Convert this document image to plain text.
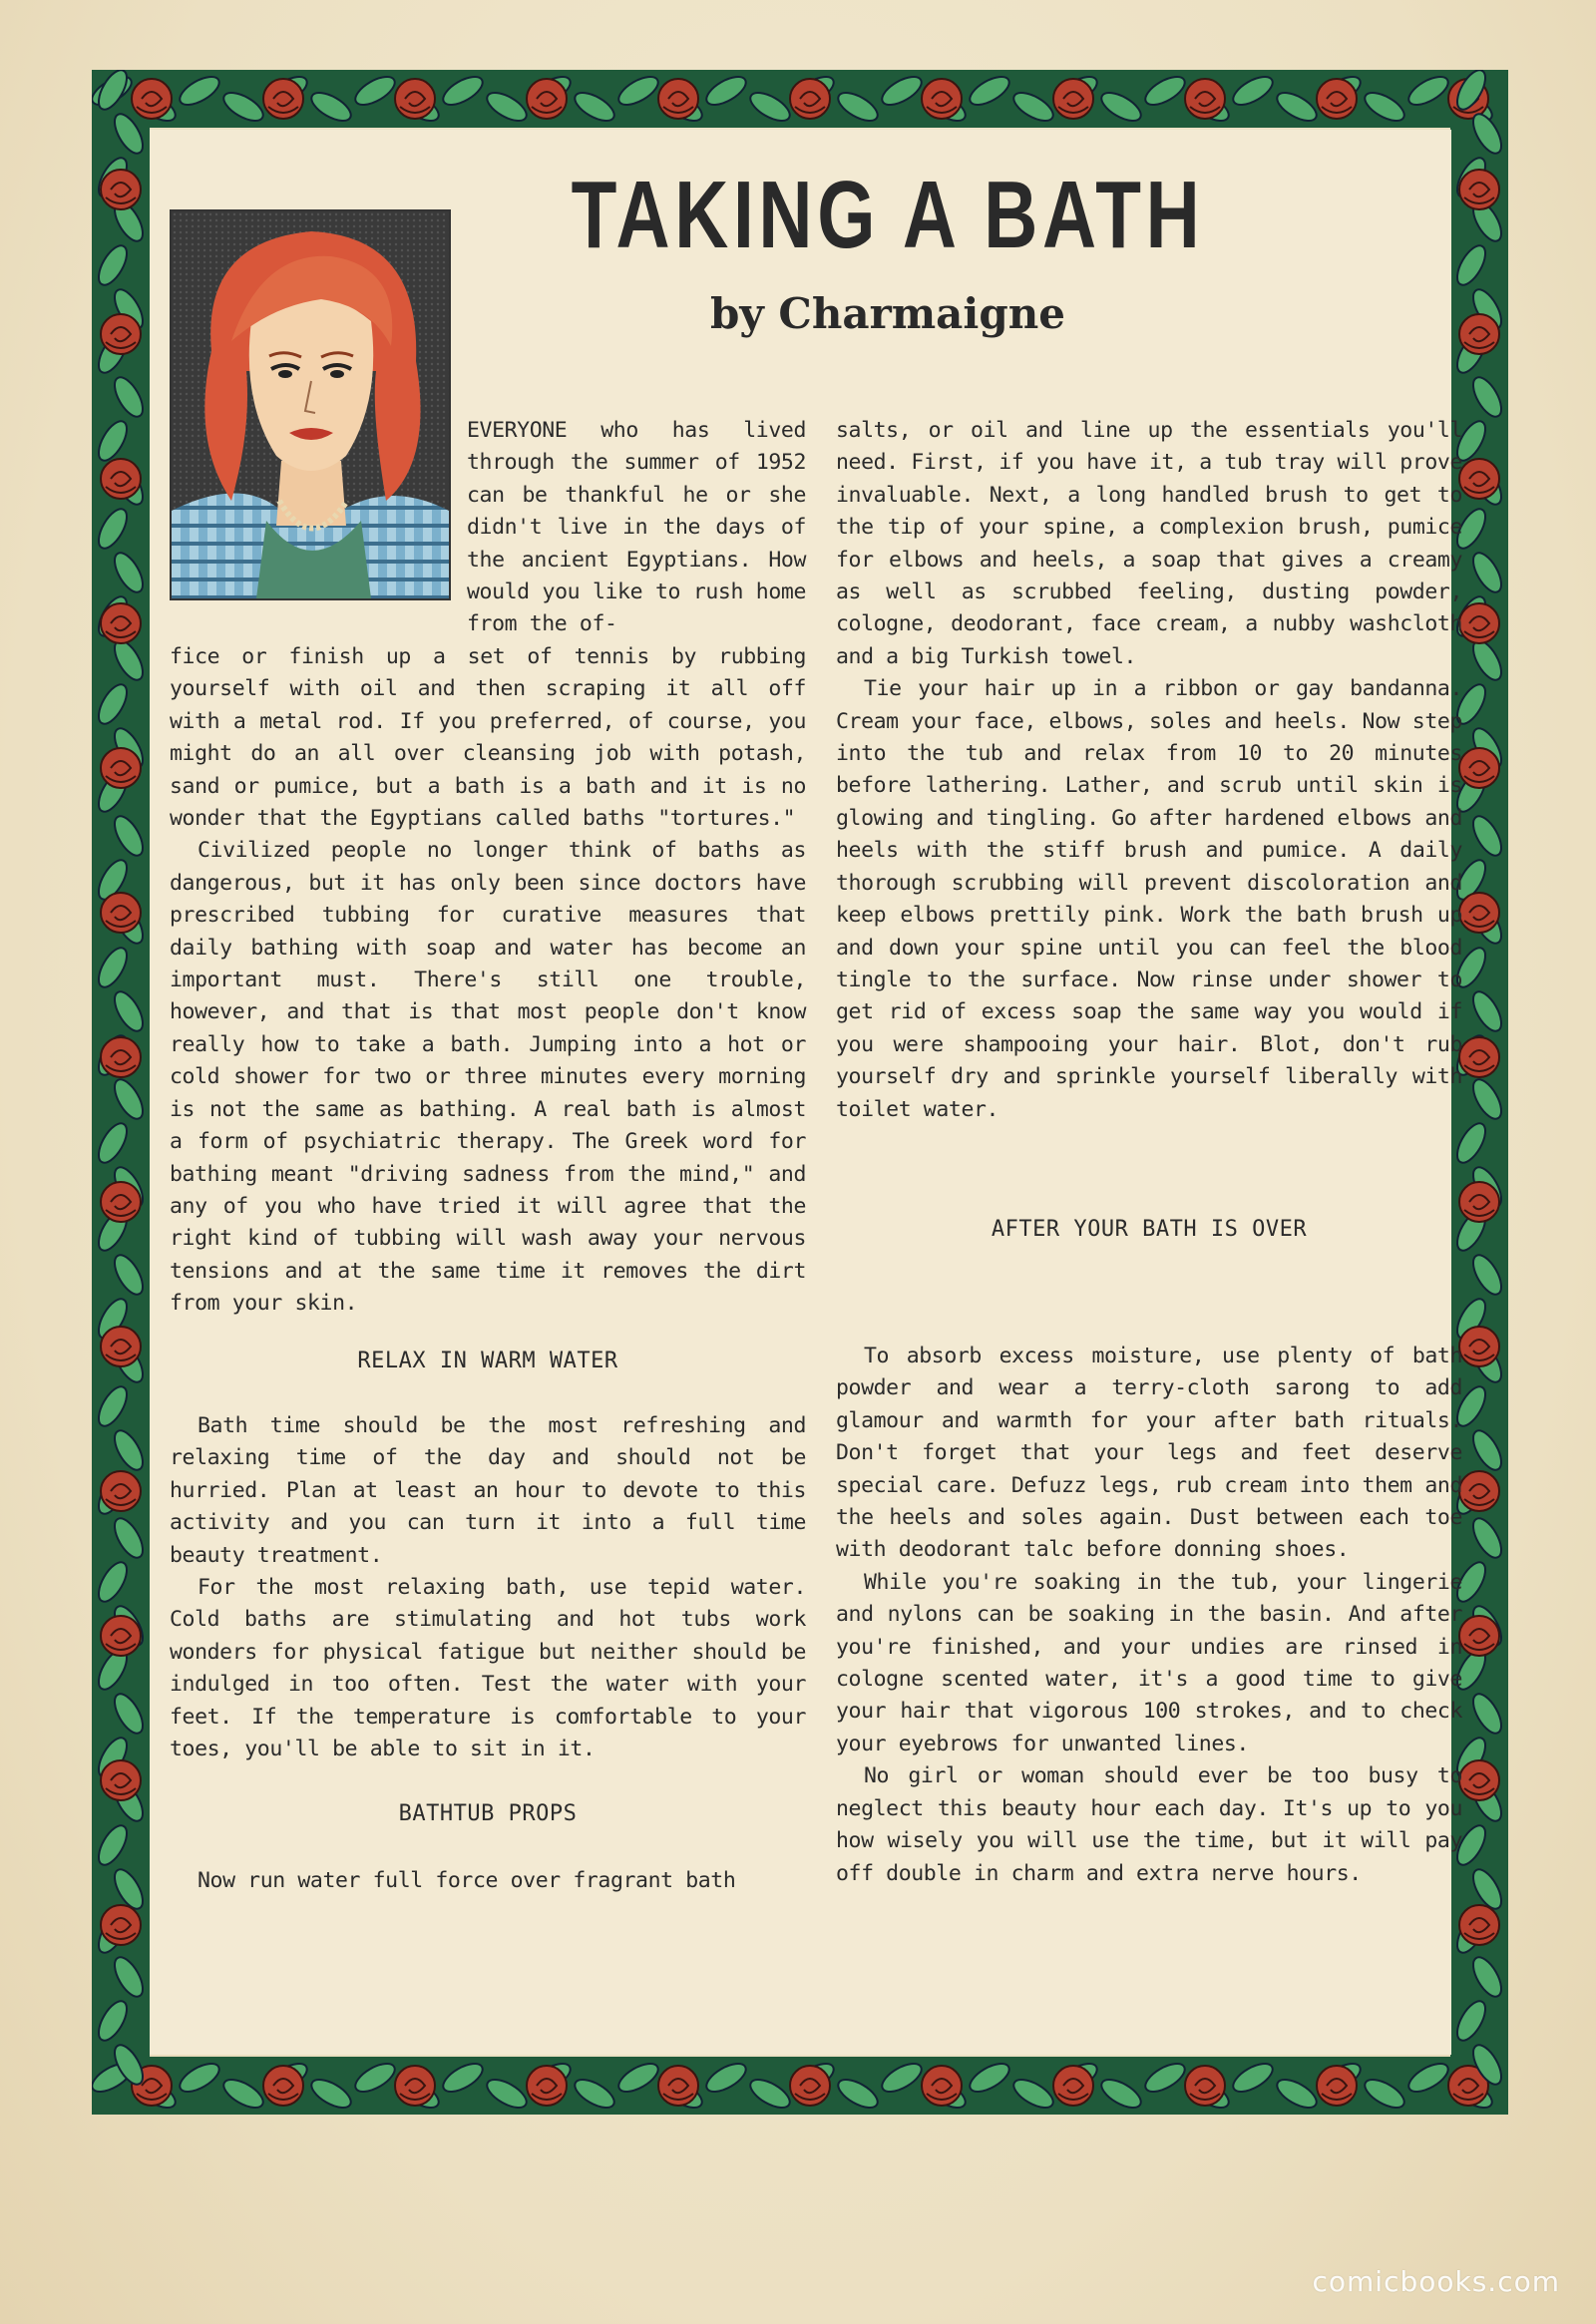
TAKING A BATH
by Charmaigne

EVERYONE who has lived through the summer of 1952 can be thankful he or she didn't live in the days of the ancient Egyptians. How would you like to rush home from the of-

fice or finish up a set of tennis by rubbing yourself with oil and then scraping it all off with a metal rod. If you preferred, of course, you might do an all over cleansing job with potash, sand or pumice, but a bath is a bath and it is no wonder that the Egyptians called baths "tortures."

Civilized people no longer think of baths as dangerous, but it has only been since doctors have prescribed tubbing for curative measures that daily bathing with soap and water has become an important must. There's still one trouble, however, and that is that most people don't know really how to take a bath. Jumping into a hot or cold shower for two or three minutes every morning is not the same as bathing. A real bath is almost a form of psychiatric therapy. The Greek word for bathing meant "driving sadness from the mind," and any of you who have tried it will agree that the right kind of tubbing will wash away your nervous tensions and at the same time it removes the dirt from your skin.

RELAX IN WARM WATER

Bath time should be the most refreshing and relaxing time of the day and should not be hurried. Plan at least an hour to devote to this activity and you can turn it into a full time beauty treatment.

For the most relaxing bath, use tepid water. Cold baths are stimulating and hot tubs work wonders for physical fatigue but neither should be indulged in too often. Test the water with your feet. If the temperature is comfortable to your toes, you'll be able to sit in it.

BATHTUB PROPS

Now run water full force over fragrant bath

salts, or oil and line up the essentials you'll need. First, if you have it, a tub tray will prove invaluable. Next, a long handled brush to get to the tip of your spine, a complexion brush, pumice for elbows and heels, a soap that gives a creamy as well as scrubbed feeling, dusting powder, cologne, deodorant, face cream, a nubby washcloth and a big Turkish towel.

Tie your hair up in a ribbon or gay bandanna. Cream your face, elbows, soles and heels. Now step into the tub and relax from 10 to 20 minutes before lathering. Lather, and scrub until skin is glowing and tingling. Go after hardened elbows and heels with the stiff brush and pumice. A daily thorough scrubbing will prevent discoloration and keep elbows prettily pink. Work the bath brush up and down your spine until you can feel the blood tingle to the surface. Now rinse under shower to get rid of excess soap the same way you would if you were shampooing your hair. Blot, don't rub yourself dry and sprinkle yourself liberally with toilet water.

AFTER YOUR BATH IS OVER

To absorb excess moisture, use plenty of bath powder and wear a terry-cloth sarong to add glamour and warmth for your after bath rituals. Don't forget that your legs and feet deserve special care. Defuzz legs, rub cream into them and the heels and soles again. Dust between each toe with deodorant talc before donning shoes.

While you're soaking in the tub, your lingerie and nylons can be soaking in the basin. And after you're finished, and your undies are rinsed in cologne scented water, it's a good time to give your hair that vigorous 100 strokes, and to check your eyebrows for unwanted lines.

No girl or woman should ever be too busy to neglect this beauty hour each day. It's up to you how wisely you will use the time, but it will pay off double in charm and extra nerve hours.

comicbooks.com
